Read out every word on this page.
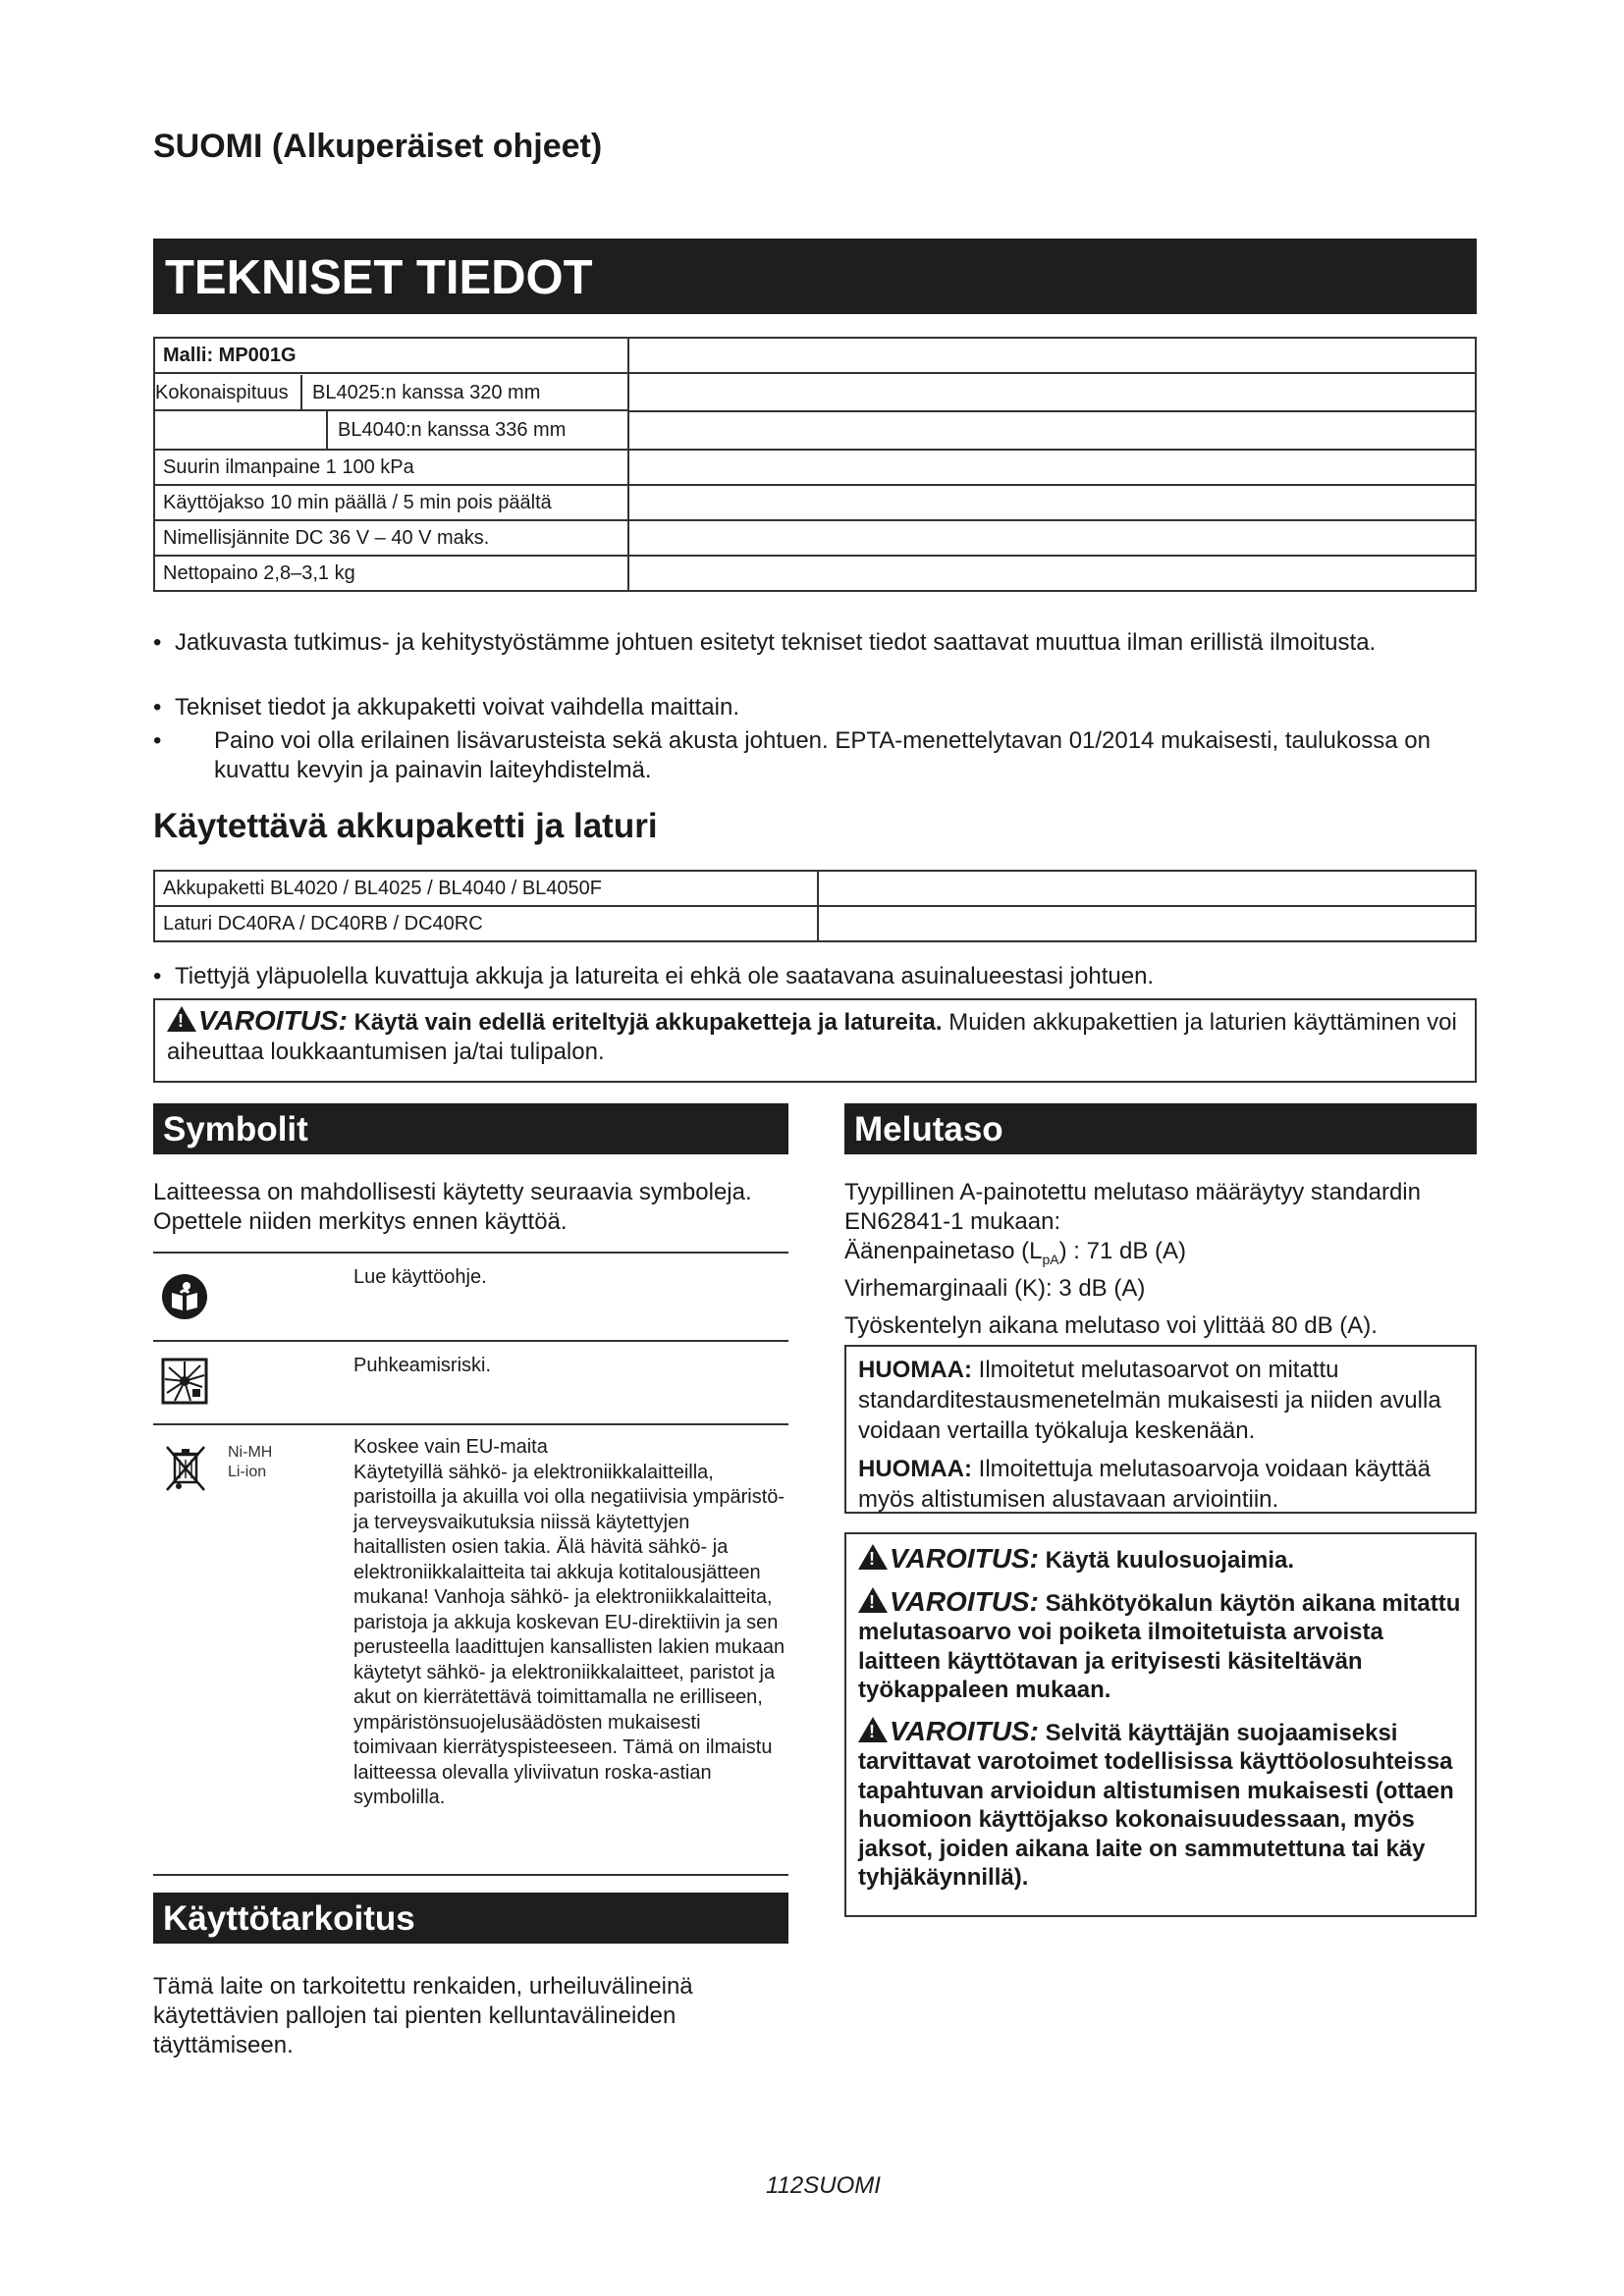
SUOMI (Alkuperäiset ohjeet)
TEKNISET TIEDOT
Malli: MP001G	

Kokonaispituus BL4025:n kanssa 320 mm
BL4040:n kanssa 336 mm	

Suurin ilmanpaine 1 100 kPa	
Käyttöjakso 10 min päällä / 5 min pois päältä	
Nimellisjännite DC 36 V – 40 V maks.	
Nettopaino 2,8–3,1 kg	
• Jatkuvasta tutkimus- ja kehitystyöstämme johtuen esitetyt tekniset tiedot saattavat muuttua ilman erillistä ilmoitusta.
• Tekniset tiedot ja akkupaketti voivat vaihdella maittain.
• Paino voi olla erilainen lisävarusteista sekä akusta johtuen. EPTA-menettelytavan 01/2014 mukaisesti, taulukossa on kuvattu kevyin ja painavin laiteyhdistelmä.
Käytettävä akkupaketti ja laturi
Akkupaketti BL4020 / BL4025 / BL4040 / BL4050F	
Laturi DC40RA / DC40RB / DC40RC	
• Tiettyjä yläpuolella kuvattuja akkuja ja latureita ei ehkä ole saatavana asuinalueestasi johtuen.
!VAROITUS: Käytä vain edellä eriteltyjä akkupaketteja ja latureita. Muiden akkupakettien ja laturien käyttäminen voi aiheuttaa loukkaantumisen ja/tai tulipalon.
Symbolit

Laitteessa on mahdollisesti käytetty seuraavia symboleja. Opettele niiden merkitys ennen käyttöä.

Lue käyttöohje.
Puhkeamisriski.
Ni-MH
Li-ion
Koskee vain EU-maita
Käytetyillä sähkö- ja elektroniikkalaitteilla, paristoilla ja akuilla voi olla negatiivisia ympäristö- ja terveysvaikutuksia niissä käytettyjen haitallisten osien takia. Älä hävitä sähkö- ja elektroniikkalaitteita tai akkuja kotitalousjätteen mukana! Vanhoja sähkö- ja elektroniikkalaitteita, paristoja ja akkuja koskevan EU-direktiivin ja sen perusteella laadittujen kansallisten lakien mukaan käytetyt sähkö- ja elektroniikkalaitteet, paristot ja akut on kierrätettävä toimittamalla ne erilliseen, ympäristönsuojelusäädösten mukaisesti toimivaan kierrätyspisteeseen. Tämä on ilmaistu laitteessa olevalla yliviivatun roska-astian symbolilla.
Käyttötarkoitus

Tämä laite on tarkoitettu renkaiden, urheiluvälineinä käytettävien pallojen tai pienten kelluntavälineiden täyttämiseen.

Melutaso

Tyypillinen A-painotettu melutaso määräytyy standardin EN62841-1 mukaan:

Äänenpainetaso $(L_{pA})$ : 71 dB (A)

Virhemarginaali (K): 3 dB (A)

Työskentelyn aikana melutaso voi ylittää 80 dB (A).

HUOMAA: Ilmoitetut melutasoarvot on mitattu standarditestausmenetelmän mukaisesti ja niiden avulla voidaan vertailla työkaluja keskenään.
HUOMAA: Ilmoitettuja melutasoarvoja voidaan käyttää myös altistumisen alustavaan arviointiin.
!VAROITUS: Käytä kuulosuojaimia.
!VAROITUS: Sähkötyökalun käytön aikana mitattu melutasoarvo voi poiketa ilmoitetuista arvoista laitteen käyttötavan ja erityisesti käsiteltävän työkappaleen mukaan.
!VAROITUS: Selvitä käyttäjän suojaamiseksi tarvittavat varotoimet todellisissa käyttöolosuhteissa tapahtuvan arvioidun altistumisen mukaisesti (ottaen huomioon käyttöjakso kokonaisuudessaan, myös jaksot, joiden aikana laite on sammutettuna tai käy tyhjäkäynnillä).
112SUOMI
